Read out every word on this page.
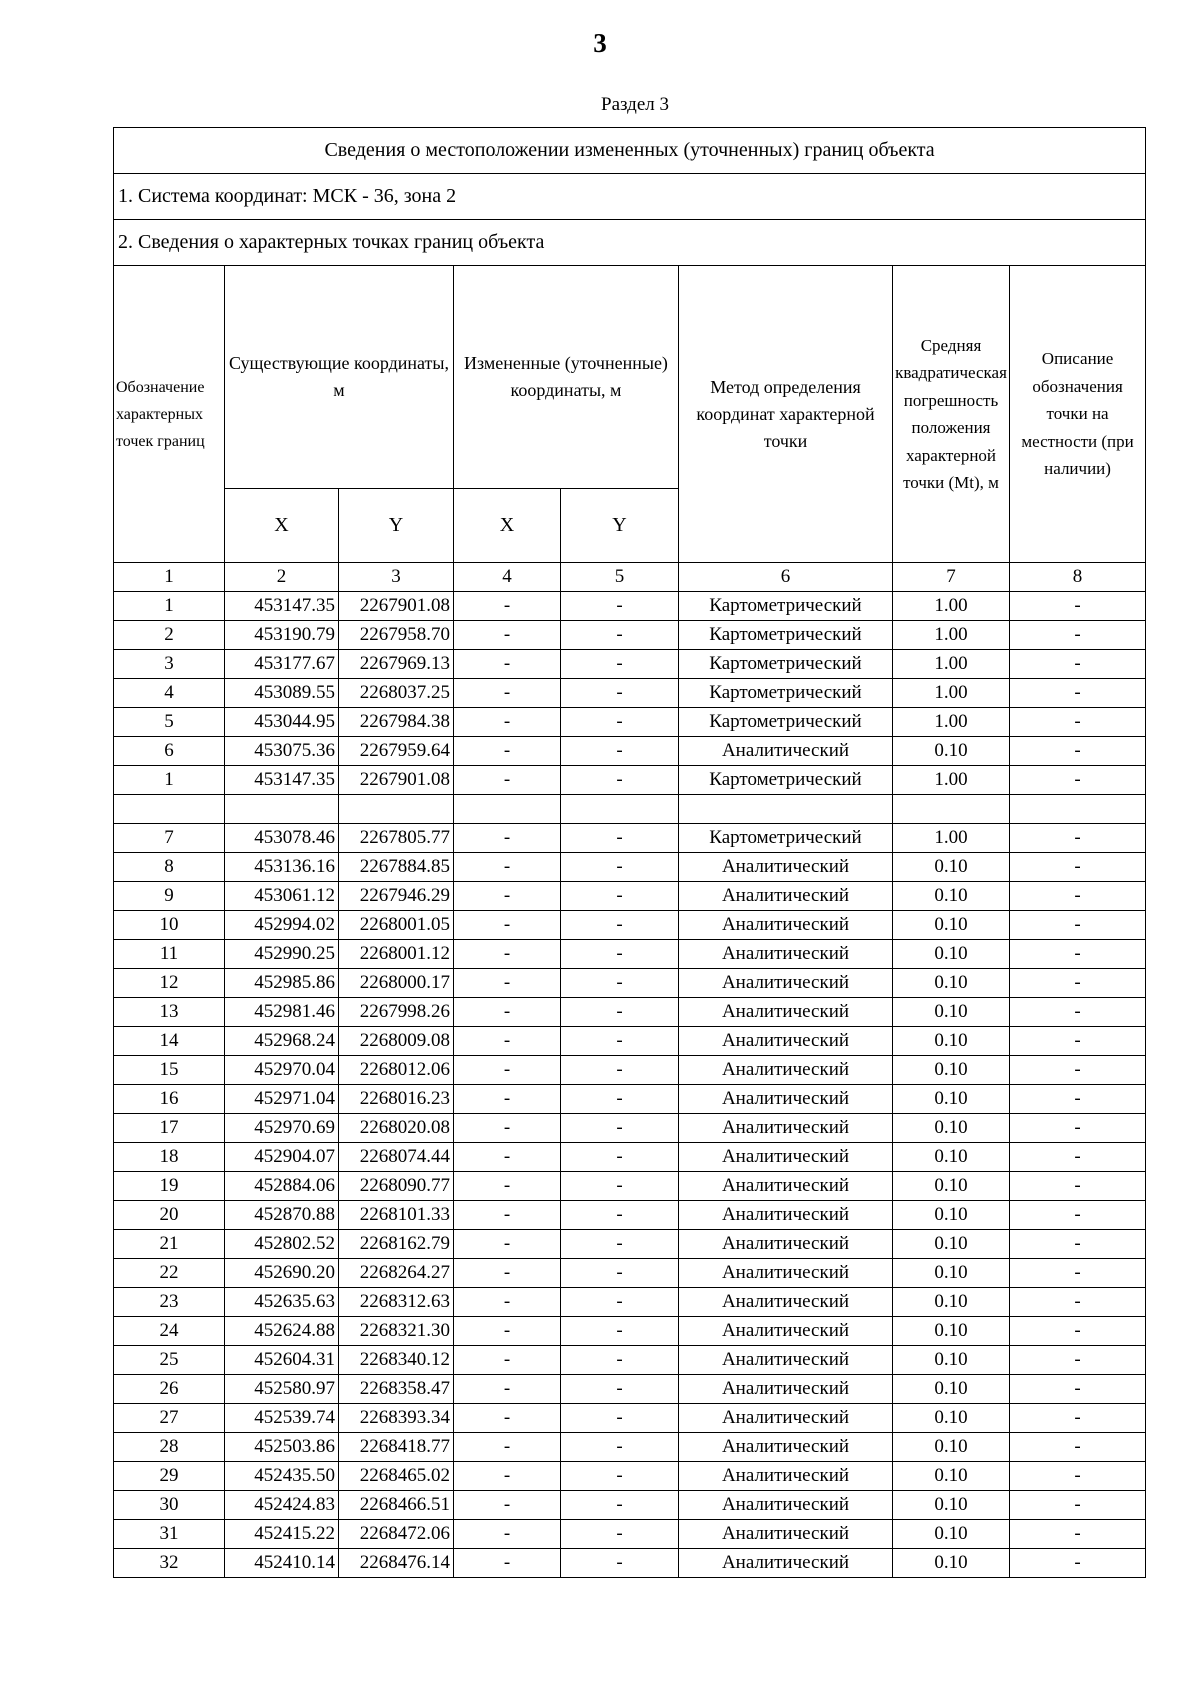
3
Раздел 3
Сведения о местоположении измененных (уточненных) границ объекта							
1. Система координат: МСК - 36, зона 2							
2. Сведения о характерных точках границ объекта							
Обозначение характерных точек границ	Существующие координаты, м		Измененные (уточненные) координаты, м		Метод определения координат характерной точки	Средняя квадратическая погрешность положения характерной точки (Mt), м	Описание обозначения точки на местности (при наличии)
	X	Y	X	Y			
1	2	3	4	5	6	7	8
1	453147.35	2267901.08	-	-	Картометрический	1.00	-
2	453190.79	2267958.70	-	-	Картометрический	1.00	-
3	453177.67	2267969.13	-	-	Картометрический	1.00	-
4	453089.55	2268037.25	-	-	Картометрический	1.00	-
5	453044.95	2267984.38	-	-	Картометрический	1.00	-
6	453075.36	2267959.64	-	-	Аналитический	0.10	-
1	453147.35	2267901.08	-	-	Картометрический	1.00	-

7	453078.46	2267805.77	-	-	Картометрический	1.00	-
8	453136.16	2267884.85	-	-	Аналитический	0.10	-
9	453061.12	2267946.29	-	-	Аналитический	0.10	-
10	452994.02	2268001.05	-	-	Аналитический	0.10	-
11	452990.25	2268001.12	-	-	Аналитический	0.10	-
12	452985.86	2268000.17	-	-	Аналитический	0.10	-
13	452981.46	2267998.26	-	-	Аналитический	0.10	-
14	452968.24	2268009.08	-	-	Аналитический	0.10	-
15	452970.04	2268012.06	-	-	Аналитический	0.10	-
16	452971.04	2268016.23	-	-	Аналитический	0.10	-
17	452970.69	2268020.08	-	-	Аналитический	0.10	-
18	452904.07	2268074.44	-	-	Аналитический	0.10	-
19	452884.06	2268090.77	-	-	Аналитический	0.10	-
20	452870.88	2268101.33	-	-	Аналитический	0.10	-
21	452802.52	2268162.79	-	-	Аналитический	0.10	-
22	452690.20	2268264.27	-	-	Аналитический	0.10	-
23	452635.63	2268312.63	-	-	Аналитический	0.10	-
24	452624.88	2268321.30	-	-	Аналитический	0.10	-
25	452604.31	2268340.12	-	-	Аналитический	0.10	-
26	452580.97	2268358.47	-	-	Аналитический	0.10	-
27	452539.74	2268393.34	-	-	Аналитический	0.10	-
28	452503.86	2268418.77	-	-	Аналитический	0.10	-
29	452435.50	2268465.02	-	-	Аналитический	0.10	-
30	452424.83	2268466.51	-	-	Аналитический	0.10	-
31	452415.22	2268472.06	-	-	Аналитический	0.10	-
32	452410.14	2268476.14	-	-	Аналитический	0.10	-
